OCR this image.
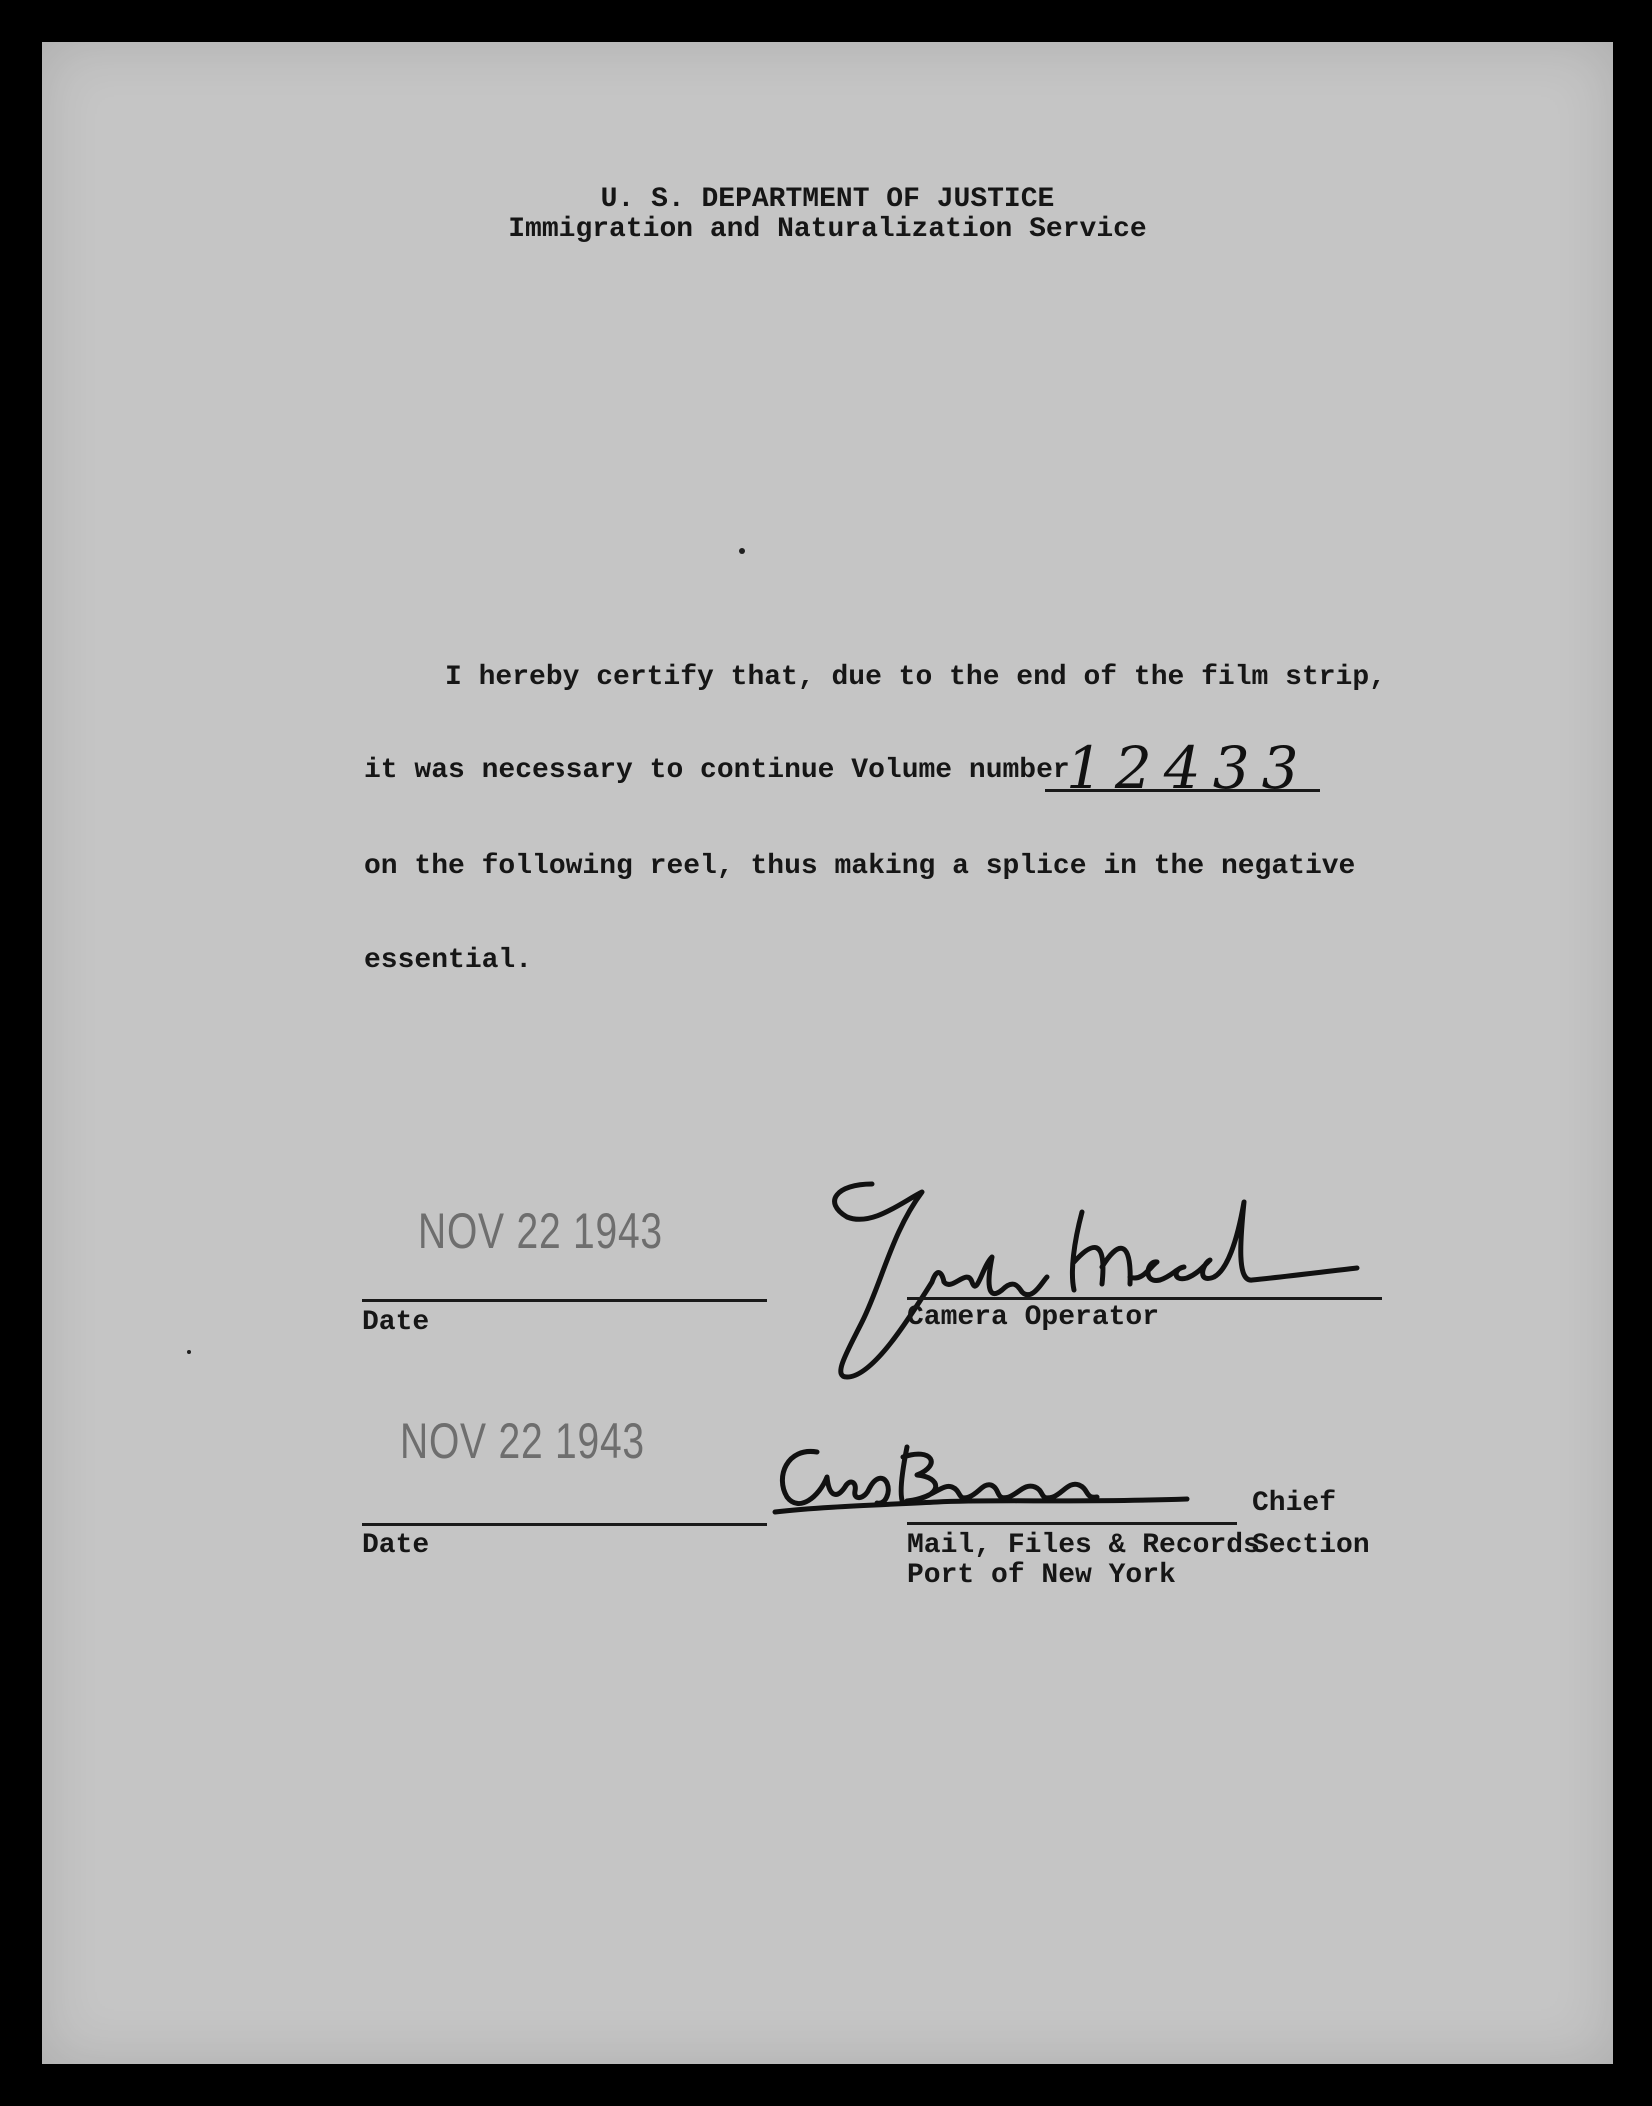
U. S. DEPARTMENT OF JUSTICE
Immigration and Naturalization Service
I hereby certify that, due to the end of the film strip,
it was necessary to continue Volume number
12433
on the following reel, thus making a splice in the negative
essential.
NOV 22 1943
Date	Camera Operator
NOV 22 1943
Date
Chief
Mail, Files & Records
Section
Port of New York
